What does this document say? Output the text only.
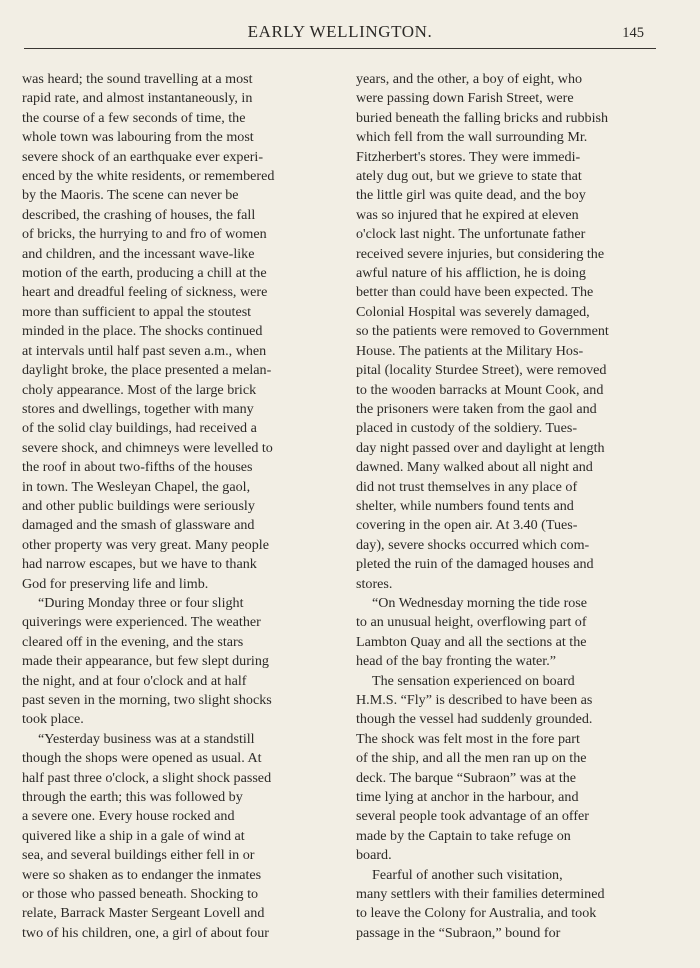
EARLY WELLINGTON.	145
was heard; the sound travelling at a most
rapid rate, and almost instantaneously, in
the course of a few seconds of time, the
whole town was labouring from the most
severe shock of an earthquake ever experi-
enced by the white residents, or remembered
by the Maoris. The scene can never be
described, the crashing of houses, the fall
of bricks, the hurrying to and fro of women
and children, and the incessant wave-like
motion of the earth, producing a chill at the
heart and dreadful feeling of sickness, were
more than sufficient to appal the stoutest
minded in the place. The shocks continued
at intervals until half past seven a.m., when
daylight broke, the place presented a melan-
choly appearance. Most of the large brick
stores and dwellings, together with many
of the solid clay buildings, had received a
severe shock, and chimneys were levelled to
the roof in about two-fifths of the houses
in town. The Wesleyan Chapel, the gaol,
and other public buildings were seriously
damaged and the smash of glassware and
other property was very great. Many people
had narrow escapes, but we have to thank
God for preserving life and limb.
“During Monday three or four slight
quiverings were experienced. The weather
cleared off in the evening, and the stars
made their appearance, but few slept during
the night, and at four o'clock and at half
past seven in the morning, two slight shocks
took place.
“Yesterday business was at a standstill
though the shops were opened as usual. At
half past three o'clock, a slight shock passed
through the earth; this was followed by
a severe one. Every house rocked and
quivered like a ship in a gale of wind at
sea, and several buildings either fell in or
were so shaken as to endanger the inmates
or those who passed beneath. Shocking to
relate, Barrack Master Sergeant Lovell and
two of his children, one, a girl of about four
years, and the other, a boy of eight, who
were passing down Farish Street, were
buried beneath the falling bricks and rubbish
which fell from the wall surrounding Mr.
Fitzherbert's stores. They were immedi-
ately dug out, but we grieve to state that
the little girl was quite dead, and the boy
was so injured that he expired at eleven
o'clock last night. The unfortunate father
received severe injuries, but considering the
awful nature of his affliction, he is doing
better than could have been expected. The
Colonial Hospital was severely damaged,
so the patients were removed to Government
House. The patients at the Military Hos-
pital (locality Sturdee Street), were removed
to the wooden barracks at Mount Cook, and
the prisoners were taken from the gaol and
placed in custody of the soldiery. Tues-
day night passed over and daylight at length
dawned. Many walked about all night and
did not trust themselves in any place of
shelter, while numbers found tents and
covering in the open air. At 3.40 (Tues-
day), severe shocks occurred which com-
pleted the ruin of the damaged houses and
stores.
“On Wednesday morning the tide rose
to an unusual height, overflowing part of
Lambton Quay and all the sections at the
head of the bay fronting the water.”
The sensation experienced on board
H.M.S. “Fly” is described to have been as
though the vessel had suddenly grounded.
The shock was felt most in the fore part
of the ship, and all the men ran up on the
deck. The barque “Subraon” was at the
time lying at anchor in the harbour, and
several people took advantage of an offer
made by the Captain to take refuge on
board.
Fearful of another such visitation,
many settlers with their families determined
to leave the Colony for Australia, and took
passage in the “Subraon,” bound for
